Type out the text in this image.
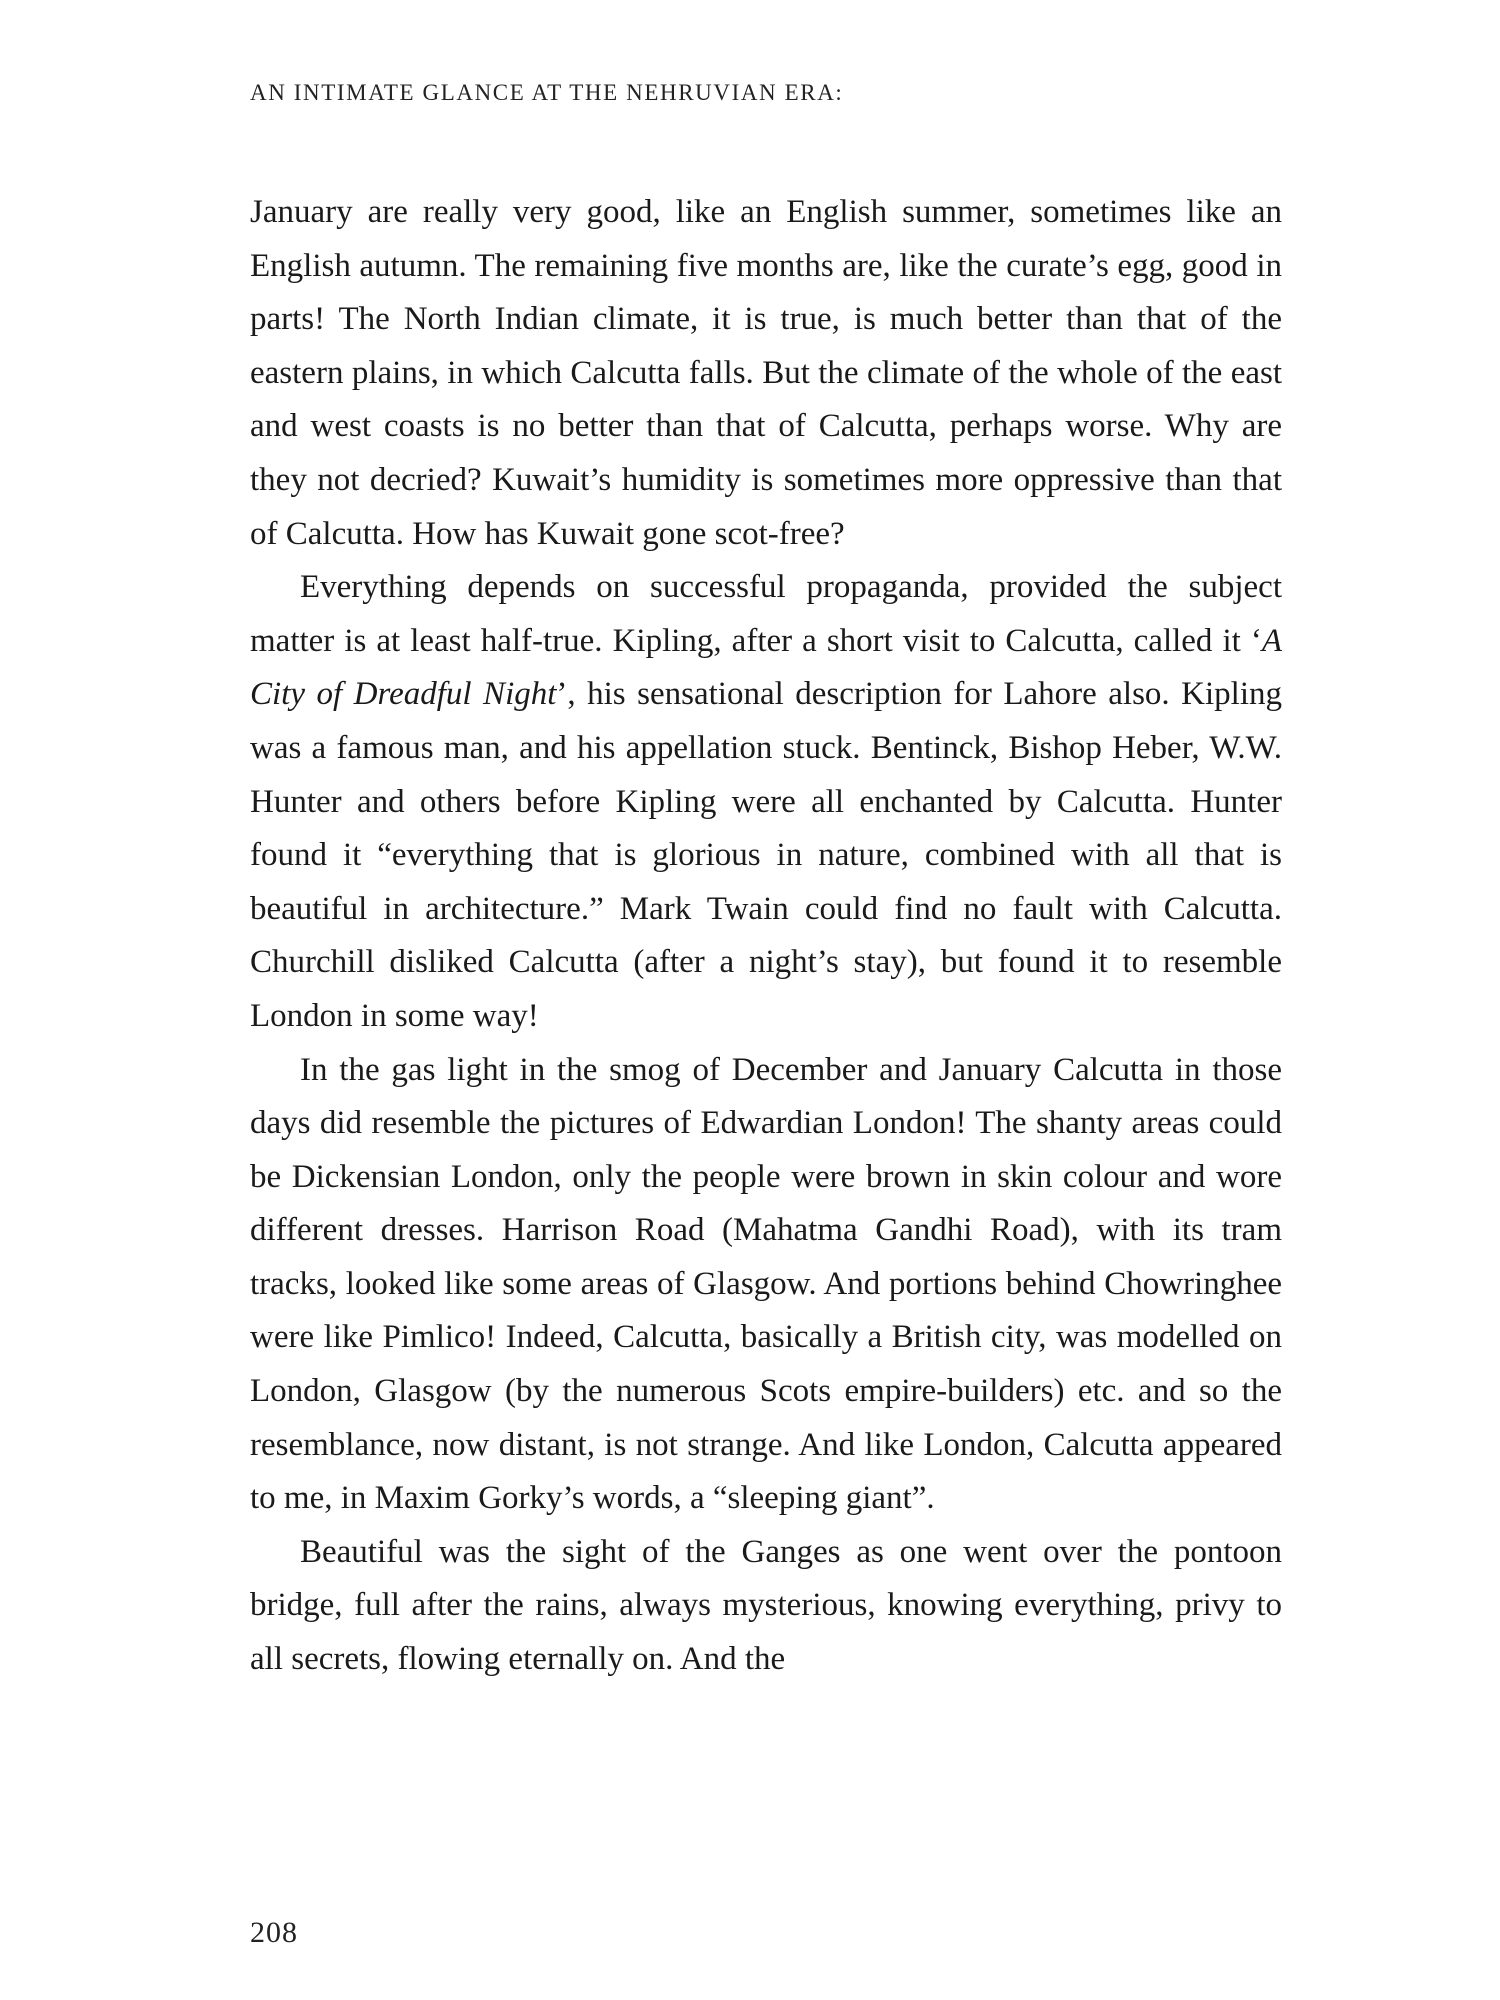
AN INTIMATE GLANCE AT THE NEHRUVIAN ERA:

January are really very good, like an English summer, sometimes like an English autumn. The remaining five months are, like the curate’s egg, good in parts! The North Indian climate, it is true, is much better than that of the eastern plains, in which Calcutta falls. But the climate of the whole of the east and west coasts is no better than that of Calcutta, perhaps worse. Why are they not decried? Kuwait’s humidity is sometimes more oppressive than that of Calcutta. How has Kuwait gone scot-free?

Everything depends on successful propaganda, provided the subject matter is at least half-true. Kipling, after a short visit to Calcutta, called it ‘A City of Dreadful Night’, his sensational description for Lahore also. Kipling was a famous man, and his appellation stuck. Bentinck, Bishop Heber, W.W. Hunter and others before Kipling were all enchanted by Calcutta. Hunter found it “everything that is glorious in nature, combined with all that is beautiful in architecture.” Mark Twain could find no fault with Calcutta. Churchill disliked Calcutta (after a night’s stay), but found it to resemble London in some way!

In the gas light in the smog of December and January Calcutta in those days did resemble the pictures of Edwardian London! The shanty areas could be Dickensian London, only the people were brown in skin colour and wore different dresses. Harrison Road (Mahatma Gandhi Road), with its tram tracks, looked like some areas of Glasgow. And portions behind Chowringhee were like Pimlico! Indeed, Calcutta, basically a British city, was modelled on London, Glasgow (by the numerous Scots empire-builders) etc. and so the resemblance, now distant, is not strange. And like London, Calcutta appeared to me, in Maxim Gorky’s words, a “sleeping giant”.

Beautiful was the sight of the Ganges as one went over the pontoon bridge, full after the rains, always mysterious, knowing everything, privy to all secrets, flowing eternally on. And the

208
